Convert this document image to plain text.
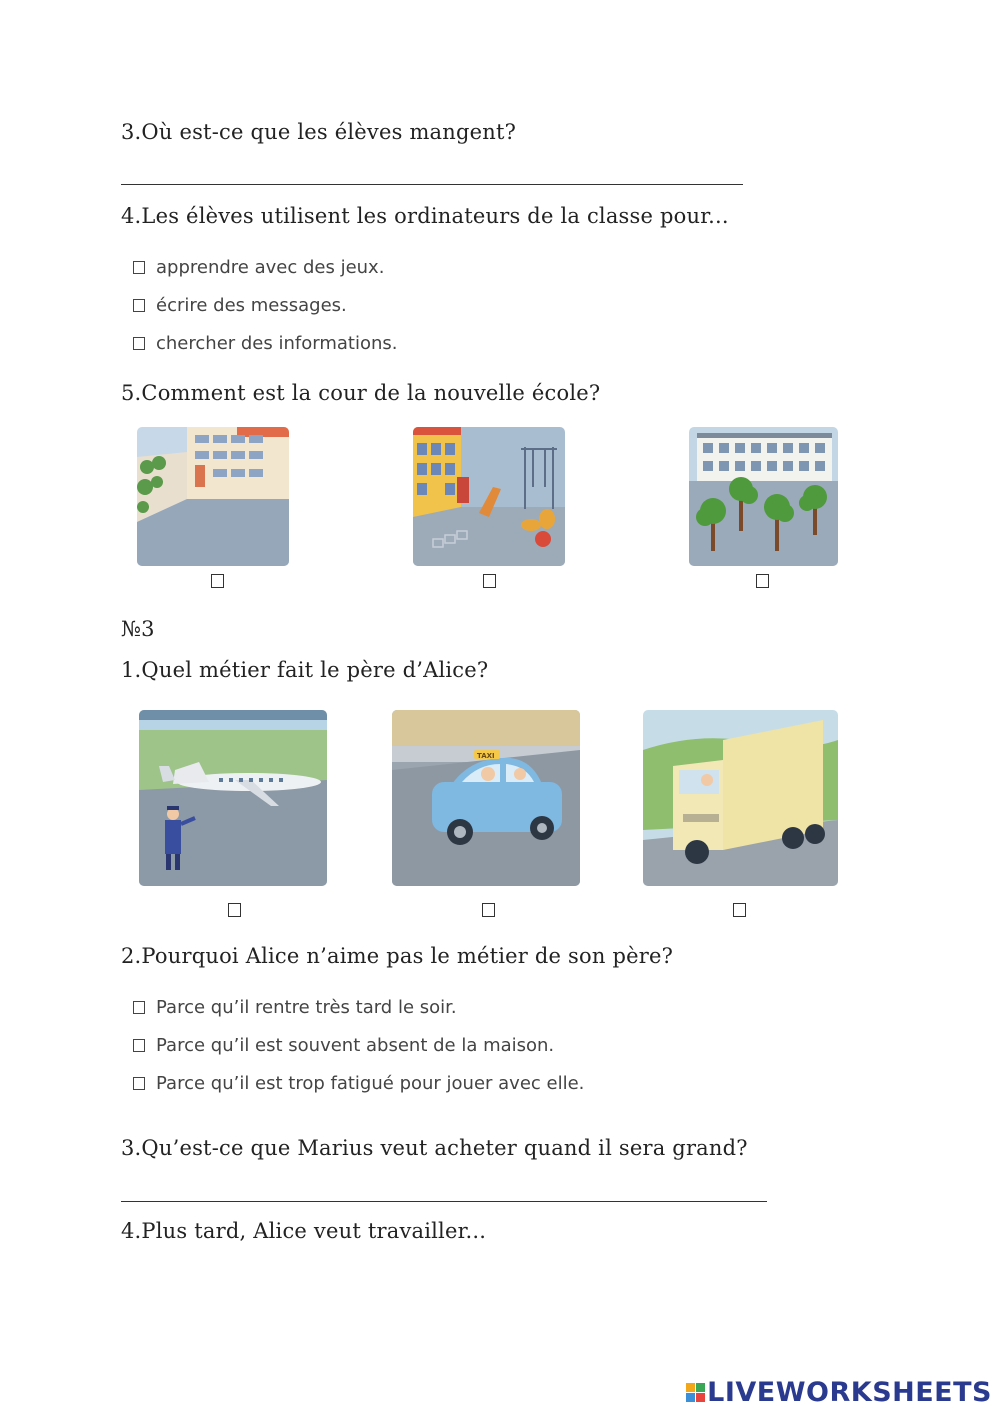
3.Où est-ce que les élèves mangent?
4.Les élèves utilisent les ordinateurs de la classe pour...
apprendre avec des jeux.
écrire des messages.
chercher des informations.
5.Comment est la cour de la nouvelle école?
№3
1.Quel métier fait le père d’Alice?
TAXI
2.Pourquoi Alice n’aime pas le métier de son père?
Parce qu’il rentre très tard le soir.
Parce qu’il est souvent absent de la maison.
Parce qu’il est trop fatigué pour jouer avec elle.
3.Qu’est-ce que Marius veut acheter quand il sera grand?
4.Plus tard, Alice veut travailler...
LIVEWORKSHEETS
